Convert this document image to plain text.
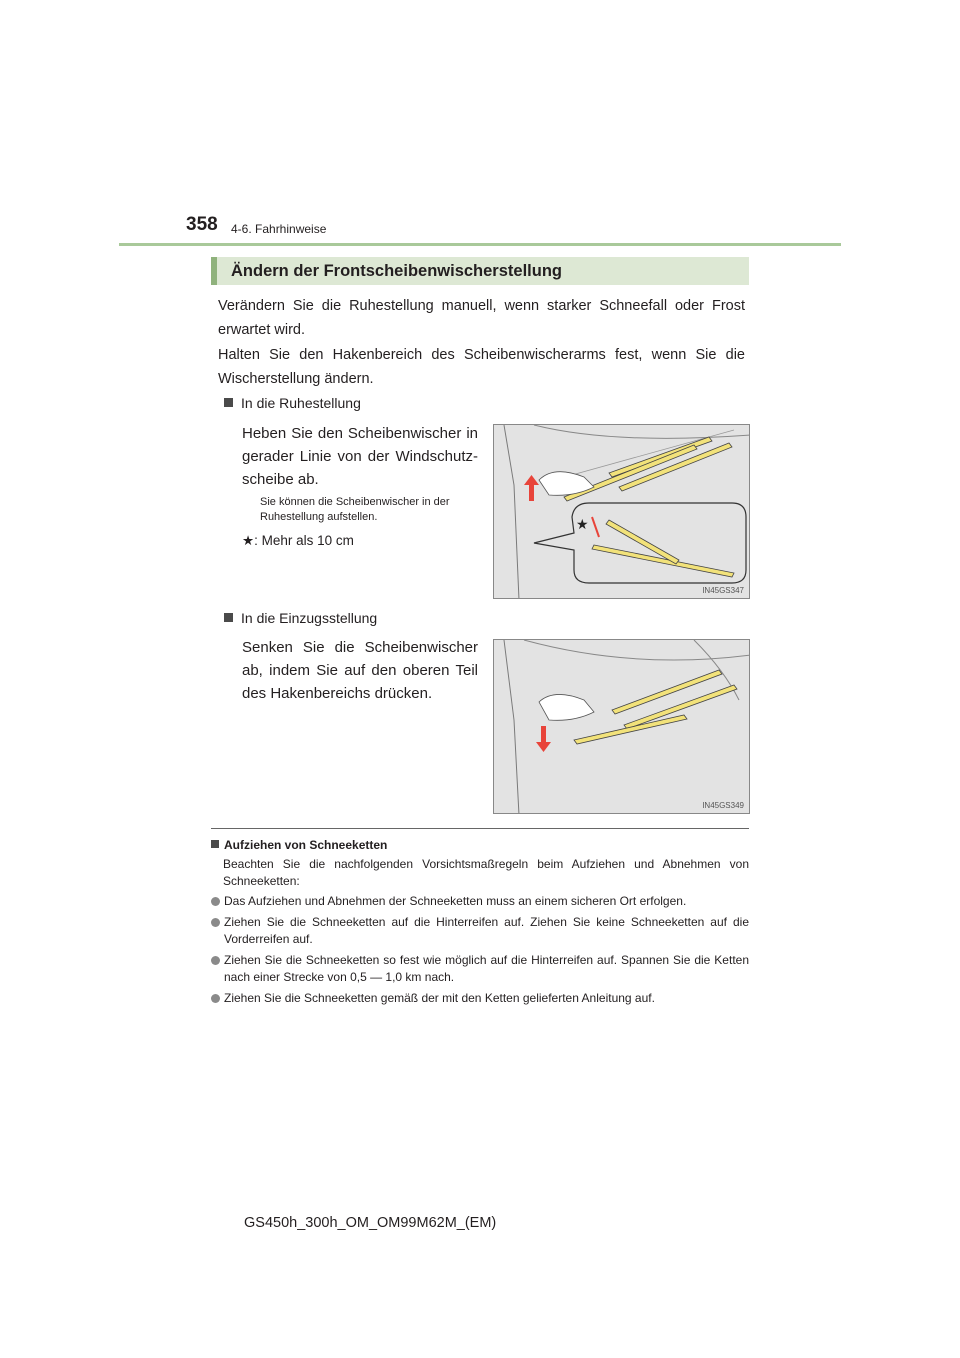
358 4-6. Fahrhinweise
Ändern der Frontscheibenwischerstellung
Verändern Sie die Ruhestellung manuell, wenn starker Schneefall oder Frost erwartet wird.
Halten Sie den Hakenbereich des Scheibenwischerarms fest, wenn Sie die Wischerstellung ändern.
In die Ruhestellung
Heben Sie den Scheibenwischer in gerader Linie von der Windschutz-scheibe ab.
Sie können die Scheibenwischer in der Ruhestellung aufstellen.
★: Mehr als 10 cm
★
IN45GS347
In die Einzugsstellung
Senken Sie die Scheibenwischer ab, indem Sie auf den oberen Teil des Hakenbereichs drücken.
IN45GS349
Aufziehen von Schneeketten
Beachten Sie die nachfolgenden Vorsichtsmaßregeln beim Aufziehen und Abnehmen von Schneeketten:
Das Aufziehen und Abnehmen der Schneeketten muss an einem sicheren Ort erfolgen.
Ziehen Sie die Schneeketten auf die Hinterreifen auf. Ziehen Sie keine Schneeketten auf die Vorderreifen auf.
Ziehen Sie die Schneeketten so fest wie möglich auf die Hinterreifen auf. Spannen Sie die Ketten nach einer Strecke von 0,5 — 1,0 km nach.
Ziehen Sie die Schneeketten gemäß der mit den Ketten gelieferten Anleitung auf.
GS450h_300h_OM_OM99M62M_(EM)
